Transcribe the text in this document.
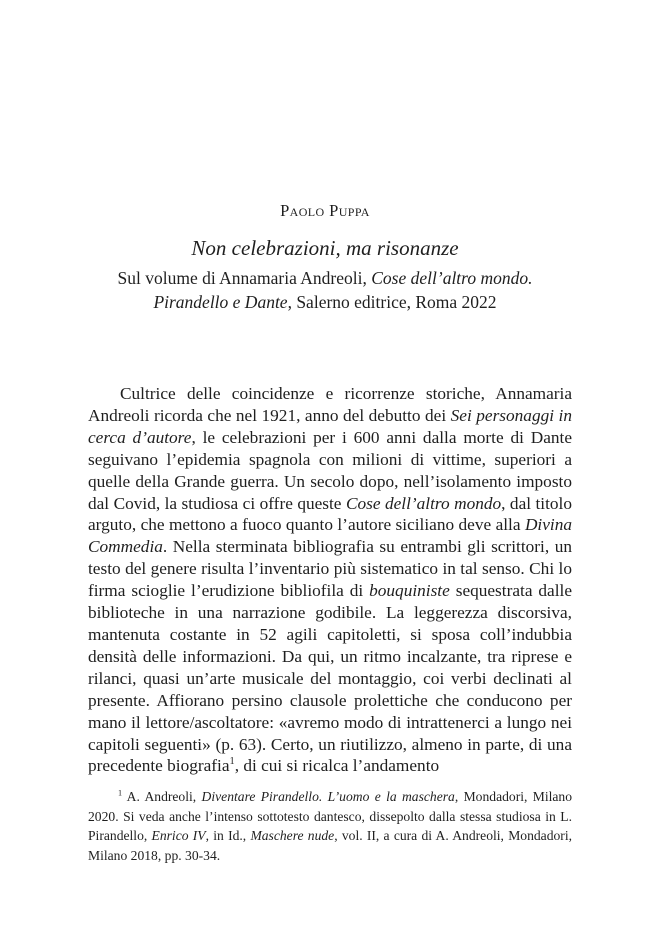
Paolo Puppa
Non celebrazioni, ma risonanze
Sul volume di Annamaria Andreoli, Cose dell’altro mondo.
Pirandello e Dante, Salerno editrice, Roma 2022

Cultrice delle coincidenze e ricorrenze storiche, Annamaria Andreoli ricorda che nel 1921, anno del debutto dei Sei personaggi in cerca d’autore, le celebrazioni per i 600 anni dalla morte di Dante seguivano l’epidemia spagnola con milioni di vittime, superiori a quelle della Grande guerra. Un secolo dopo, nell’isolamento imposto dal Covid, la studiosa ci offre queste Cose dell’altro mondo, dal titolo arguto, che mettono a fuoco quanto l’autore siciliano deve alla Divina Commedia. Nella sterminata bibliografia su entrambi gli scrittori, un testo del genere risulta l’inventario più sistematico in tal senso. Chi lo firma scioglie l’erudizione bibliofila di bouquiniste sequestrata dalle biblioteche in una narrazione godibile. La leggerezza discorsiva, mantenuta costante in 52 agili capitoletti, si sposa coll’indubbia densità delle informazioni. Da qui, un ritmo incalzante, tra riprese e rilanci, quasi un’arte musicale del montaggio, coi verbi declinati al presente. Affiorano persino clausole prolettiche che conducono per mano il lettore/ascoltatore: «avremo modo di intrattenerci a lungo nei capitoli seguenti» (p. 63). Certo, un riutilizzo, almeno in parte, di una precedente biografia$^1$, di cui si ricalca l’andamento

$^1$ A. Andreoli, Diventare Pirandello. L’uomo e la maschera, Mondadori, Milano 2020. Si veda anche l’intenso sottotesto dantesco, dissepolto dalla stessa studiosa in L. Pirandello, Enrico IV, in Id., Maschere nude, vol. II, a cura di A. Andreoli, Mondadori, Milano 2018, pp. 30-34.
